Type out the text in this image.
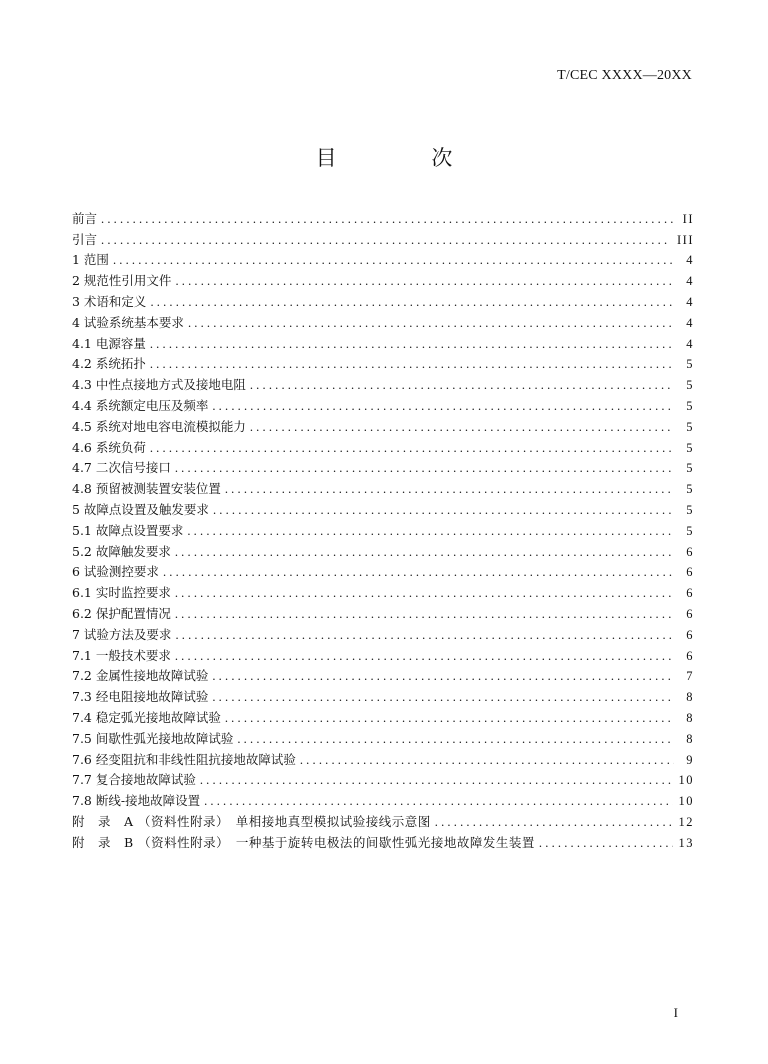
T/CEC XXXX—20XX
目 次
前言 .....	II
引言 .....	III
1 范围 .....	4
2 规范性引用文件 .....	4
3 术语和定义 .....	4
4 试验系统基本要求 .....	4
4.1 电源容量 .....	4
4.2 系统拓扑 .....	5
4.3 中性点接地方式及接地电阻 .....	5
4.4 系统额定电压及频率 .....	5
4.5 系统对地电容电流模拟能力 .....	5
4.6 系统负荷 .....	5
4.7 二次信号接口 .....	5
4.8 预留被测装置安装位置 .....	5
5 故障点设置及触发要求 .....	5
5.1 故障点设置要求 .....	5
5.2 故障触发要求 .....	6
6 试验测控要求 .....	6
6.1 实时监控要求 .....	6
6.2 保护配置情况 .....	6
7 试验方法及要求 .....	6
7.1 一般技术要求 .....	6
7.2 金属性接地故障试验 .....	7
7.3 经电阻接地故障试验 .....	8
7.4 稳定弧光接地故障试验 .....	8
7.5 间歇性弧光接地故障试验 .....	8
7.6 经变阻抗和非线性阻抗接地故障试验 .....	9
7.7 复合接地故障试验 .....	10
7.8 断线-接地故障设置 .....	10
附　录　A （资料性附录）　单相接地真型模拟试验接线示意图 .....	12
附　录　B （资料性附录）　一种基于旋转电极法的间歇性弧光接地故障发生装置 .....	13
I
